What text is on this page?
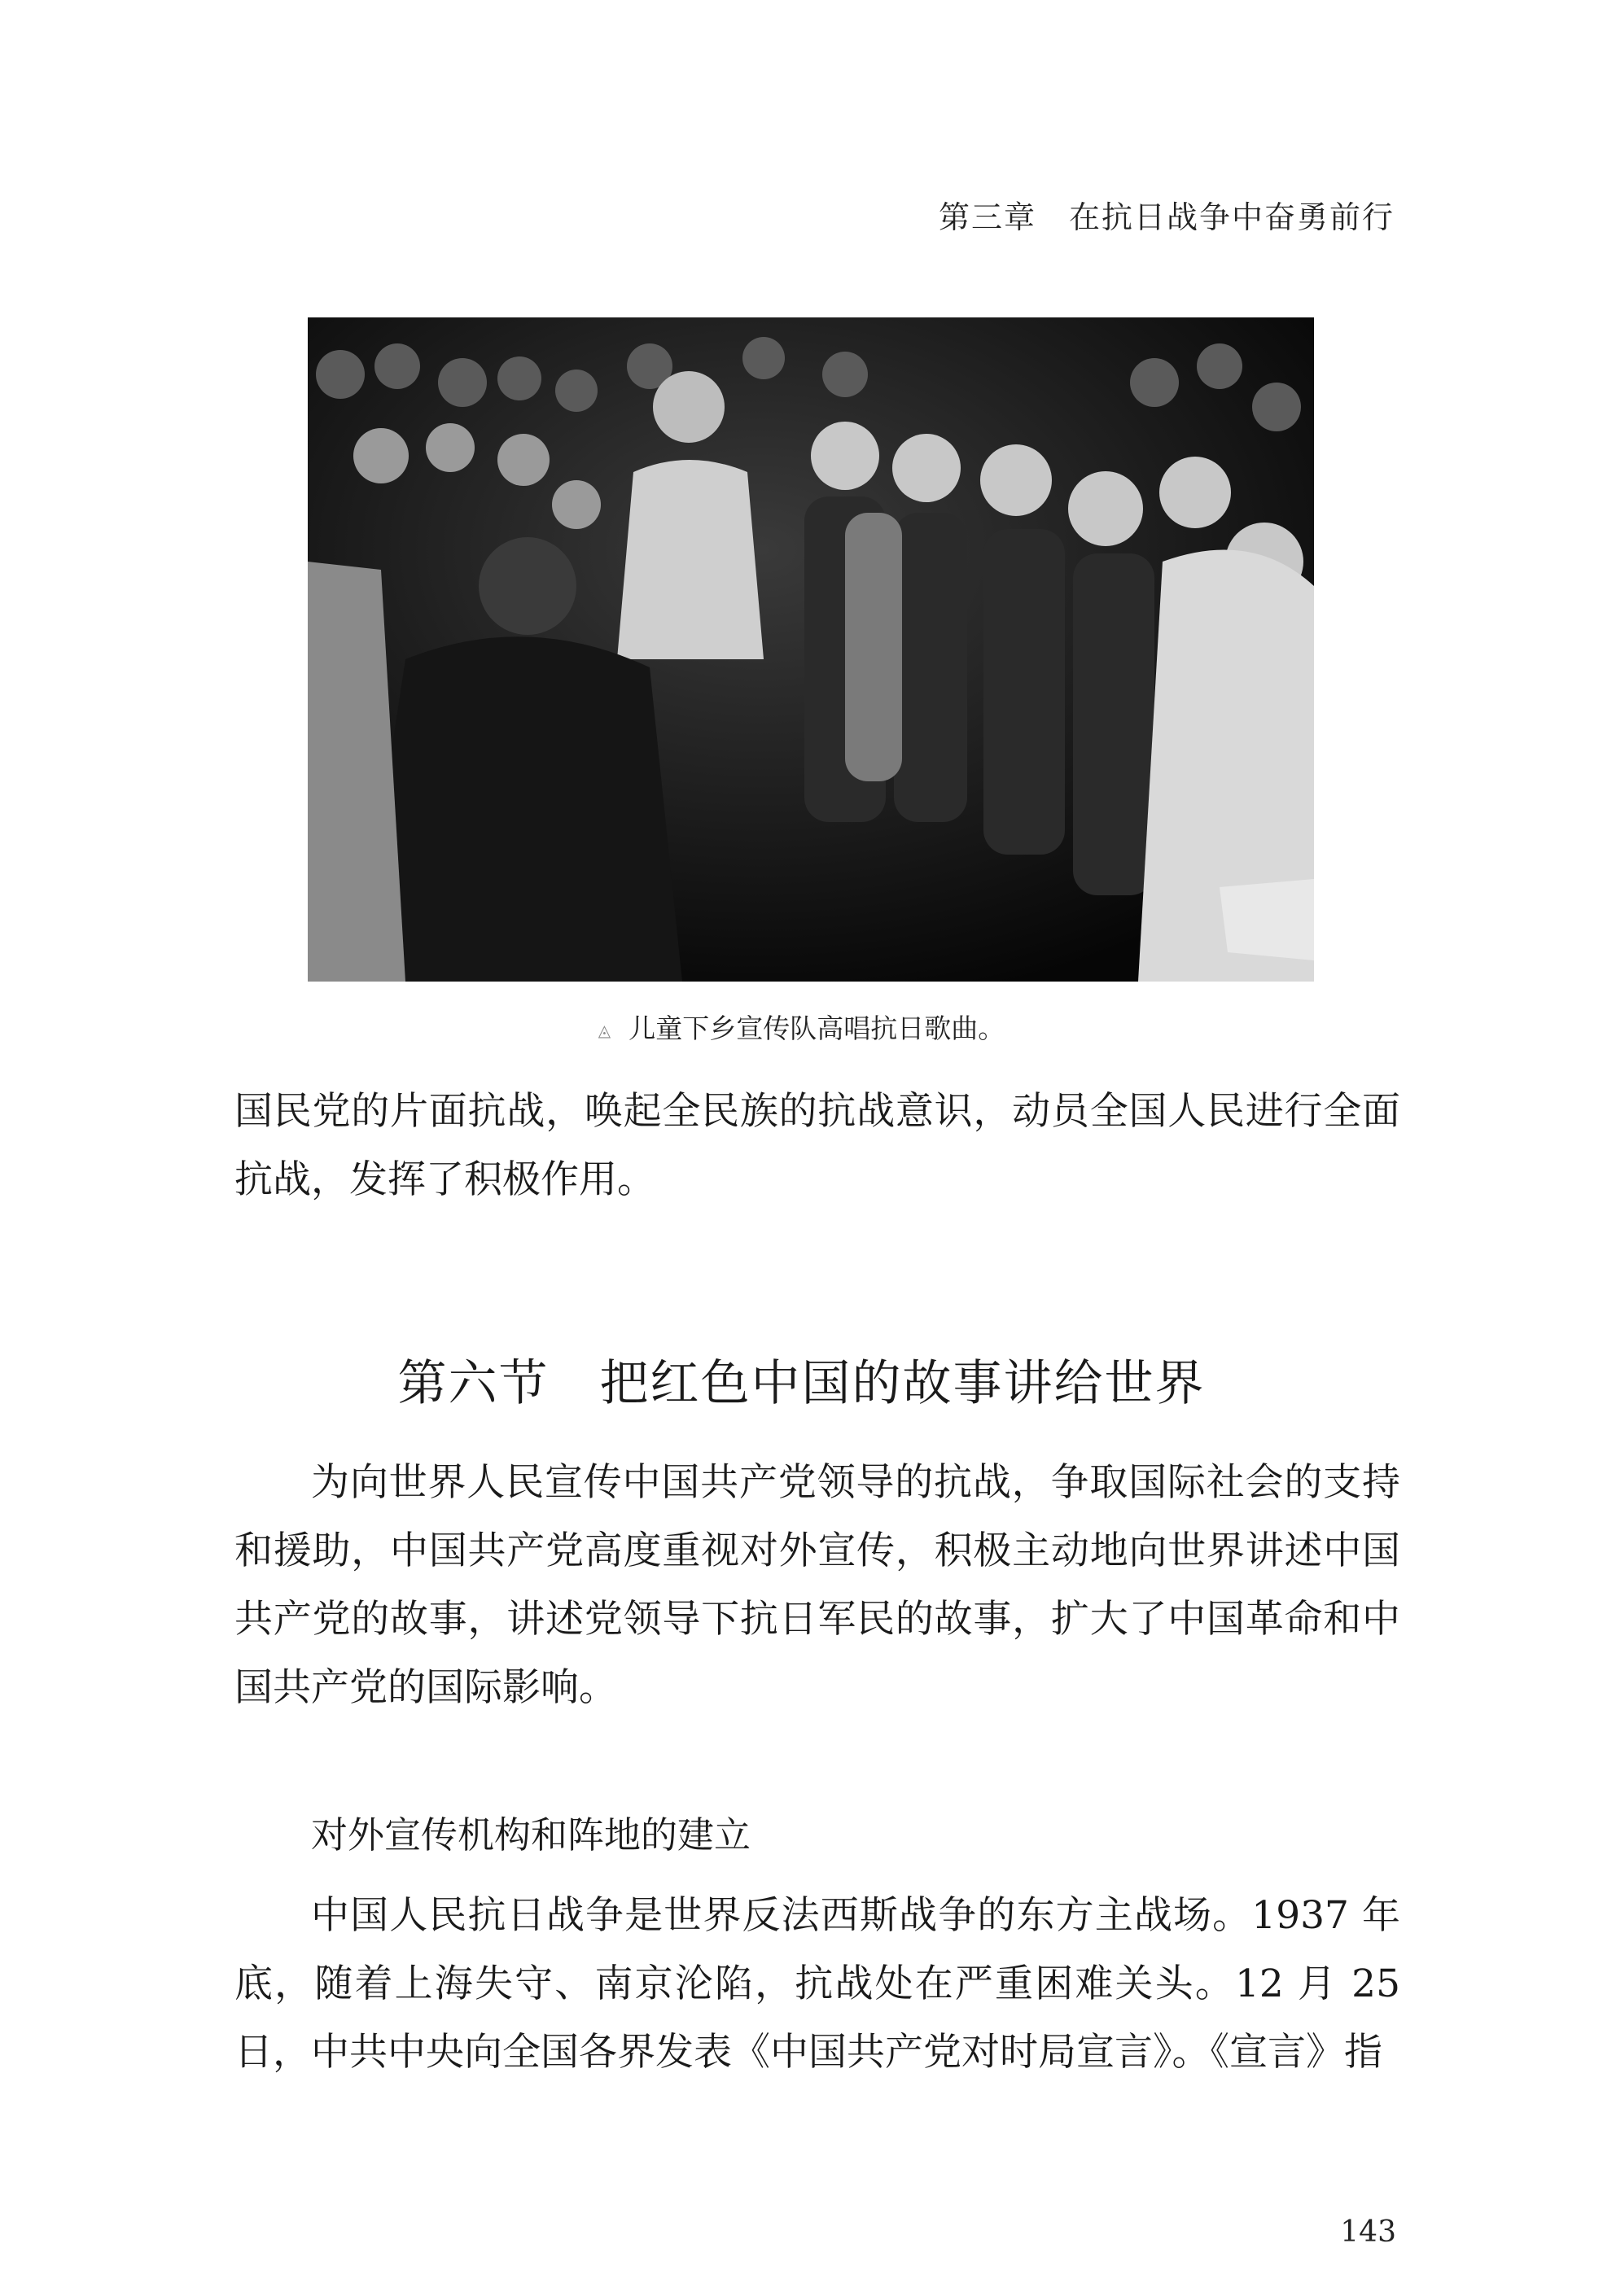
第三章　在抗日战争中奋勇前行
◬ 儿童下乡宣传队高唱抗日歌曲。

国民党的片面抗战，唤起全民族的抗战意识，动员全国人民进行全面抗战，发挥了积极作用。

第六节　把红色中国的故事讲给世界

为向世界人民宣传中国共产党领导的抗战，争取国际社会的支持和援助，中国共产党高度重视对外宣传，积极主动地向世界讲述中国共产党的故事，讲述党领导下抗日军民的故事，扩大了中国革命和中国共产党的国际影响。

对外宣传机构和阵地的建立

中国人民抗日战争是世界反法西斯战争的东方主战场。1937 年底，随着上海失守、南京沦陷，抗战处在严重困难关头。12 月 25 日，中共中央向全国各界发表《中国共产党对时局宣言》。《宣言》指

143
